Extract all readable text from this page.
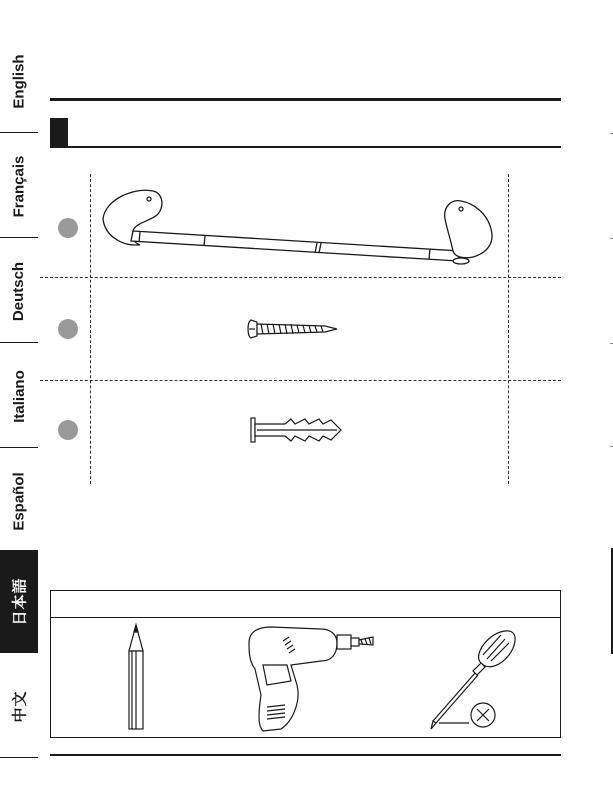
English
Français
Deutsch
Italiano
Español
日本語
中文
